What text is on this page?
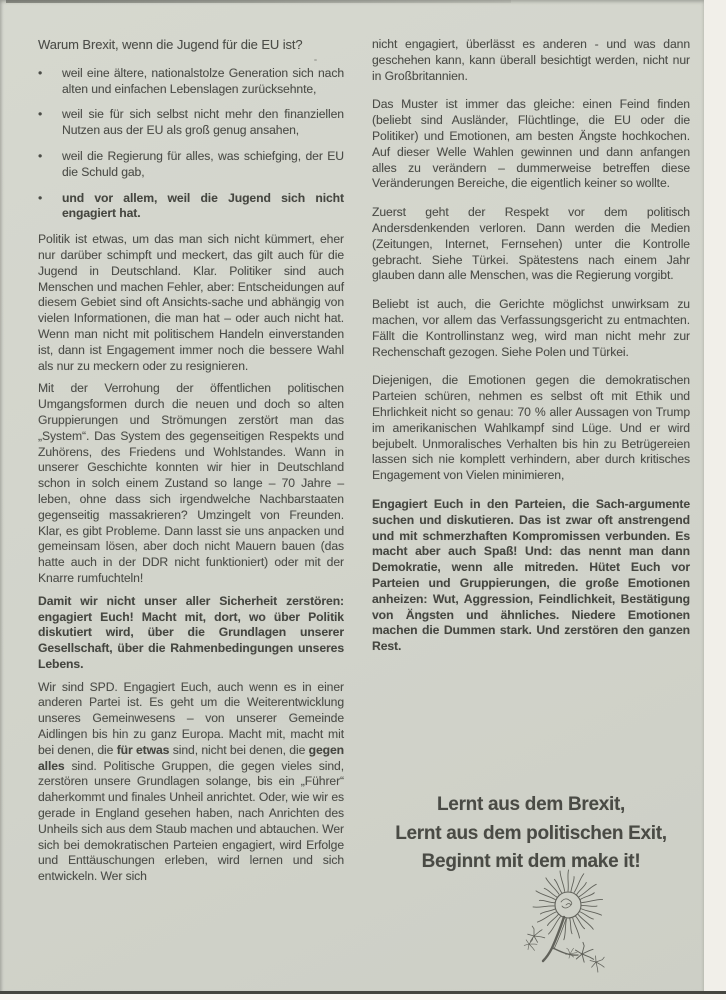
Warum Brexit, wenn die Jugend für die EU ist?
•	weil eine ältere, nationalstolze Generation sich nach alten und einfachen Lebenslagen zurücksehnte,
•	weil sie für sich selbst nicht mehr den finanziellen Nutzen aus der EU als groß genug ansahen,
•	weil die Regierung für alles, was schiefging, der EU die Schuld gab,
•	und vor allem, weil die Jugend sich nicht engagiert hat.

Politik ist etwas, um das man sich nicht kümmert, eher nur darüber schimpft und meckert, das gilt auch für die Jugend in Deutschland. Klar. Politiker sind auch Menschen und machen Fehler, aber: Entscheidungen auf diesem Gebiet sind oft Ansichts-sache und abhängig von vielen Informationen, die man hat – oder auch nicht hat. Wenn man nicht mit politischem Handeln einverstanden ist, dann ist Engagement immer noch die bessere Wahl als nur zu meckern oder zu resignieren.

Mit der Verrohung der öffentlichen politischen Umgangsformen durch die neuen und doch so alten Gruppierungen und Strömungen zerstört man das „System“. Das System des gegenseitigen Respekts und Zuhörens, des Friedens und Wohlstandes. Wann in unserer Geschichte konnten wir hier in Deutschland schon in solch einem Zustand so lange – 70 Jahre – leben, ohne dass sich irgendwelche Nachbarstaaten gegenseitig massakrieren? Umzingelt von Freunden. Klar, es gibt Probleme. Dann lasst sie uns anpacken und gemeinsam lösen, aber doch nicht Mauern bauen (das hatte auch in der DDR nicht funktioniert) oder mit der Knarre rumfuchteln!

Damit wir nicht unser aller Sicherheit zerstören: engagiert Euch! Macht mit, dort, wo über Politik diskutiert wird, über die Grundlagen unserer Gesellschaft, über die Rahmenbedingungen unseres Lebens.

Wir sind SPD. Engagiert Euch, auch wenn es in einer anderen Partei ist. Es geht um die Weiterentwicklung unseres Gemeinwesens – von unserer Gemeinde Aidlingen bis hin zu ganz Europa. Macht mit, macht mit bei denen, die für etwas sind, nicht bei denen, die gegen alles sind. Politische Gruppen, die gegen vieles sind, zerstören unsere Grundlagen solange, bis ein „Führer“ daherkommt und finales Unheil anrichtet. Oder, wie wir es gerade in England gesehen haben, nach Anrichten des Unheils sich aus dem Staub machen und abtauchen. Wer sich bei demokratischen Parteien engagiert, wird Erfolge und Enttäuschungen erleben, wird lernen und sich entwickeln. Wer sich

nicht engagiert, überlässt es anderen - und was dann geschehen kann, kann überall besichtigt werden, nicht nur in Großbritannien.

Das Muster ist immer das gleiche: einen Feind finden (beliebt sind Ausländer, Flüchtlinge, die EU oder die Politiker) und Emotionen, am besten Ängste hochkochen. Auf dieser Welle Wahlen gewinnen und dann anfangen alles zu verändern – dummerweise betreffen diese Veränderungen Bereiche, die eigentlich keiner so wollte.

Zuerst geht der Respekt vor dem politisch Andersdenkenden verloren. Dann werden die Medien (Zeitungen, Internet, Fernsehen) unter die Kontrolle gebracht. Siehe Türkei. Spätestens nach einem Jahr glauben dann alle Menschen, was die Regierung vorgibt.

Beliebt ist auch, die Gerichte möglichst unwirksam zu machen, vor allem das Verfassungsgericht zu entmachten. Fällt die Kontrollinstanz weg, wird man nicht mehr zur Rechenschaft gezogen. Siehe Polen und Türkei.

Diejenigen, die Emotionen gegen die demokratischen Parteien schüren, nehmen es selbst oft mit Ethik und Ehrlichkeit nicht so genau: 70 % aller Aussagen von Trump im amerikanischen Wahlkampf sind Lüge. Und er wird bejubelt. Unmoralisches Verhalten bis hin zu Betrügereien lassen sich nie komplett verhindern, aber durch kritisches Engagement von Vielen minimieren,

Engagiert Euch in den Parteien, die Sach-argumente suchen und diskutieren. Das ist zwar oft anstrengend und mit schmerzhaften Kompromissen verbunden. Es macht aber auch Spaß! Und: das nennt man dann Demokratie, wenn alle mitreden. Hütet Euch vor Parteien und Gruppierungen, die große Emotionen anheizen: Wut, Aggression, Feindlichkeit, Bestätigung von Ängsten und ähnliches. Niedere Emotionen machen die Dummen stark. Und zerstören den ganzen Rest.

Lernt aus dem Brexit,
Lernt aus dem politischen Exit,
Beginnt mit dem make it!
